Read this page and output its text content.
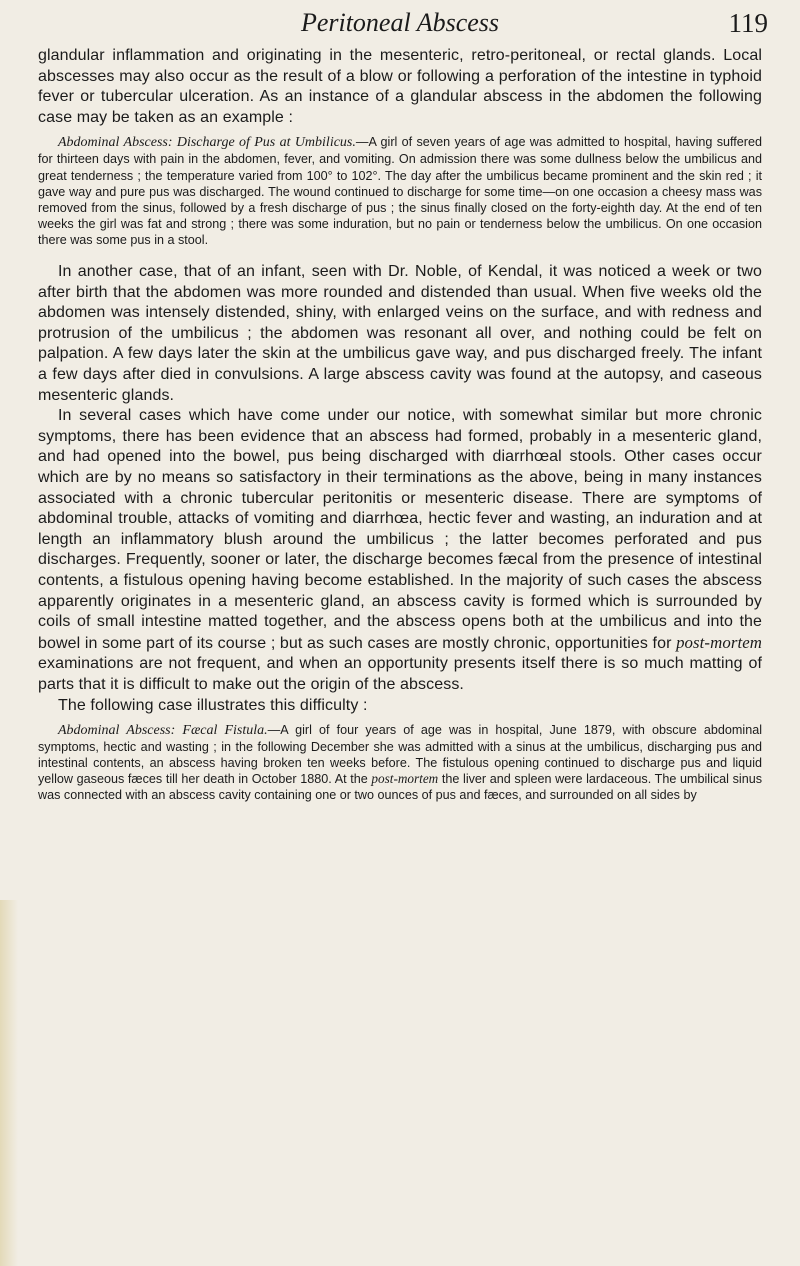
Peritoneal Abscess	119

glandular inflammation and originating in the mesenteric, retro-peritoneal, or rectal glands. Local abscesses may also occur as the result of a blow or following a perforation of the intestine in typhoid fever or tubercular ulceration. As an instance of a glandular abscess in the abdomen the following case may be taken as an example :

Abdominal Abscess: Discharge of Pus at Umbilicus.—A girl of seven years of age was admitted to hospital, having suffered for thirteen days with pain in the abdomen, fever, and vomiting. On admission there was some dullness below the umbilicus and great tenderness ; the temperature varied from 100° to 102°. The day after the umbilicus became prominent and the skin red ; it gave way and pure pus was discharged. The wound continued to discharge for some time—on one occasion a cheesy mass was removed from the sinus, followed by a fresh discharge of pus ; the sinus finally closed on the forty-eighth day. At the end of ten weeks the girl was fat and strong ; there was some induration, but no pain or tenderness below the umbilicus. On one occasion there was some pus in a stool.

In another case, that of an infant, seen with Dr. Noble, of Kendal, it was noticed a week or two after birth that the abdomen was more rounded and distended than usual. When five weeks old the abdomen was intensely distended, shiny, with enlarged veins on the surface, and with redness and protrusion of the umbilicus ; the abdomen was resonant all over, and nothing could be felt on palpation. A few days later the skin at the umbilicus gave way, and pus discharged freely. The infant a few days after died in convulsions. A large abscess cavity was found at the autopsy, and caseous mesenteric glands.

In several cases which have come under our notice, with somewhat similar but more chronic symptoms, there has been evidence that an abscess had formed, probably in a mesenteric gland, and had opened into the bowel, pus being discharged with diarrhœal stools. Other cases occur which are by no means so satisfactory in their terminations as the above, being in many instances associated with a chronic tubercular peritonitis or mesenteric disease. There are symptoms of abdominal trouble, attacks of vomiting and diarrhœa, hectic fever and wasting, an induration and at length an inflammatory blush around the umbilicus ; the latter becomes perforated and pus discharges. Frequently, sooner or later, the discharge becomes fæcal from the presence of intestinal contents, a fistulous opening having become established. In the majority of such cases the abscess apparently originates in a mesenteric gland, an abscess cavity is formed which is surrounded by coils of small intestine matted together, and the abscess opens both at the umbilicus and into the bowel in some part of its course ; but as such cases are mostly chronic, opportunities for post-mortem examinations are not frequent, and when an opportunity presents itself there is so much matting of parts that it is difficult to make out the origin of the abscess.

The following case illustrates this difficulty :

Abdominal Abscess: Fæcal Fistula.—A girl of four years of age was in hospital, June 1879, with obscure abdominal symptoms, hectic and wasting ; in the following December she was admitted with a sinus at the umbilicus, discharging pus and intestinal contents, an abscess having broken ten weeks before. The fistulous opening continued to discharge pus and liquid yellow gaseous fæces till her death in October 1880. At the post-mortem the liver and spleen were lardaceous. The umbilical sinus was connected with an abscess cavity containing one or two ounces of pus and fæces, and surrounded on all sides by
